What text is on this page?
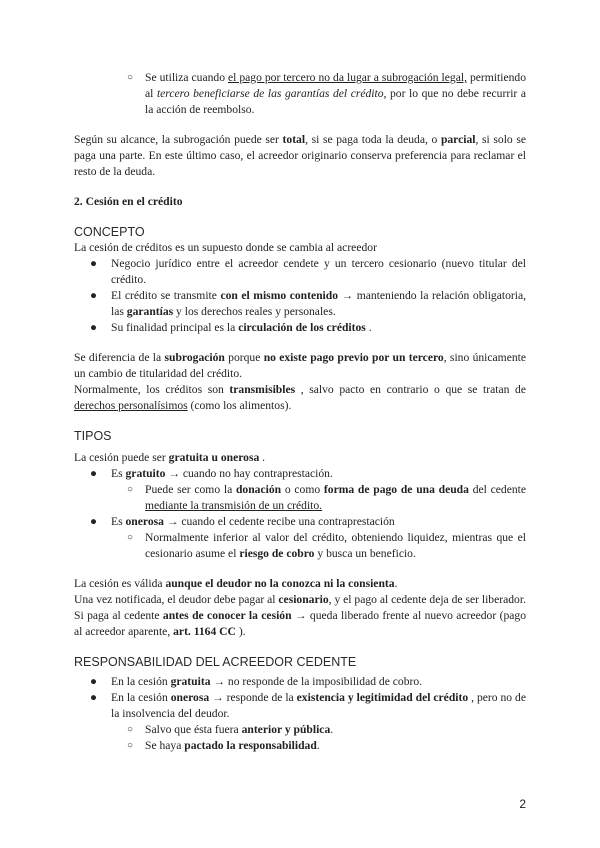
○ Se utiliza cuando el pago por tercero no da lugar a subrogación legal, permitiendo al tercero beneficiarse de las garantías del crédito, por lo que no debe recurrir a la acción de reembolso.

Según su alcance, la subrogación puede ser total, si se paga toda la deuda, o parcial, si solo se paga una parte. En este último caso, el acreedor originario conserva preferencia para reclamar el resto de la deuda.

2. Cesión en el crédito

CONCEPTO

La cesión de créditos es un supuesto donde se cambia al acreedor

● Negocio jurídico entre el acreedor cendete y un tercero cesionario (nuevo titular del crédito.
● El crédito se transmite con el mismo contenido → manteniendo la relación obligatoria, las garantías y los derechos reales y personales.
● Su finalidad principal es la circulación de los créditos .

Se diferencia de la subrogación porque no existe pago previo por un tercero, sino únicamente un cambio de titularidad del crédito.

Normalmente, los créditos son transmisibles , salvo pacto en contrario o que se tratan de derechos personalísimos (como los alimentos).

TIPOS

La cesión puede ser gratuita u onerosa .

● Es gratuito → cuando no hay contraprestación.
○ Puede ser como la donación o como forma de pago de una deuda del cedente mediante la transmisión de un crédito.
● Es onerosa → cuando el cedente recibe una contraprestación
○ Normalmente inferior al valor del crédito, obteniendo liquidez, mientras que el cesionario asume el riesgo de cobro y busca un beneficio.

La cesión es válida aunque el deudor no la conozca ni la consienta.

Una vez notificada, el deudor debe pagar al cesionario, y el pago al cedente deja de ser liberador.

Si paga al cedente antes de conocer la cesión → queda liberado frente al nuevo acreedor (pago al acreedor aparente, art. 1164 CC ).

RESPONSABILIDAD DEL ACREEDOR CEDENTE

● En la cesión gratuita → no responde de la imposibilidad de cobro.
● En la cesión onerosa → responde de la existencia y legitimidad del crédito , pero no de la insolvencia del deudor.
○ Salvo que ésta fuera anterior y pública.
○ Se haya pactado la responsabilidad.
2
